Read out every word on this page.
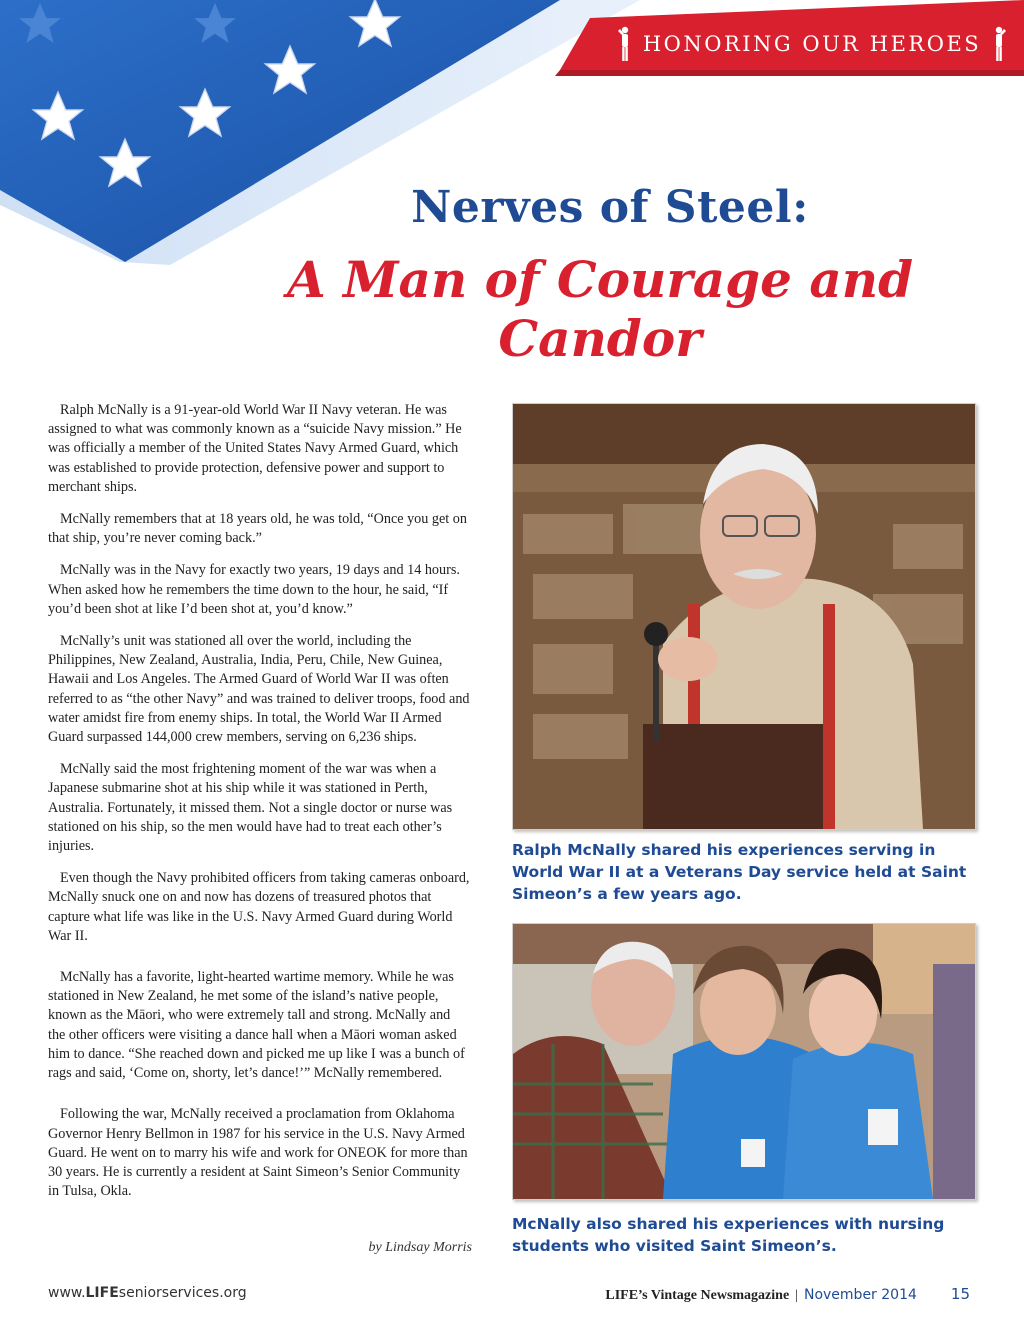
HONORING OUR HEROES
Nerves of Steel:
A Man of Courage and Candor

Ralph McNally is a 91-year-old World War II Navy veteran. He was assigned to what was commonly known as a “suicide Navy mission.” He was officially a member of the United States Navy Armed Guard, which was established to provide protection, defensive power and support to merchant ships.

McNally remembers that at 18 years old, he was told, “Once you get on that ship, you’re never coming back.”

McNally was in the Navy for exactly two years, 19 days and 14 hours. When asked how he remembers the time down to the hour, he said, “If you’d been shot at like I’d been shot at, you’d know.”

McNally’s unit was stationed all over the world, including the Philippines, New Zealand, Australia, India, Peru, Chile, New Guinea, Hawaii and Los Angeles. The Armed Guard of World War II was often referred to as “the other Navy” and was trained to deliver troops, food and water amidst fire from enemy ships. In total, the World War II Armed Guard surpassed 144,000 crew members, serving on 6,236 ships.

McNally said the most frightening moment of the war was when a Japanese submarine shot at his ship while it was stationed in Perth, Australia. Fortunately, it missed them. Not a single doctor or nurse was stationed on his ship, so the men would have had to treat each other’s injuries.

Even though the Navy prohibited officers from taking cameras onboard, McNally snuck one on and now has dozens of treasured photos that capture what life was like in the U.S. Navy Armed Guard during World War II.

McNally has a favorite, light-hearted wartime memory. While he was stationed in New Zealand, he met some of the island’s native people, known as the Māori, who were extremely tall and strong. McNally and the other officers were visiting a dance hall when a Māori woman asked him to dance. “She reached down and picked me up like I was a bunch of rags and said, ‘Come on, shorty, let’s dance!’” McNally remembered.

Following the war, McNally received a proclamation from Oklahoma Governor Henry Bellmon in 1987 for his service in the U.S. Navy Armed Guard. He went on to marry his wife and work for ONEOK for more than 30 years. He is currently a resident at Saint Simeon’s Senior Community in Tulsa, Okla.

by Lindsay Morris
Ralph McNally shared his experiences serving in World War II at a Veterans Day service held at Saint Simeon’s a few years ago.
McNally also shared his experiences with nursing students who visited Saint Simeon’s.
www.LIFEseniorservices.org	LIFE’s Vintage Newsmagazine | November 2014 15
